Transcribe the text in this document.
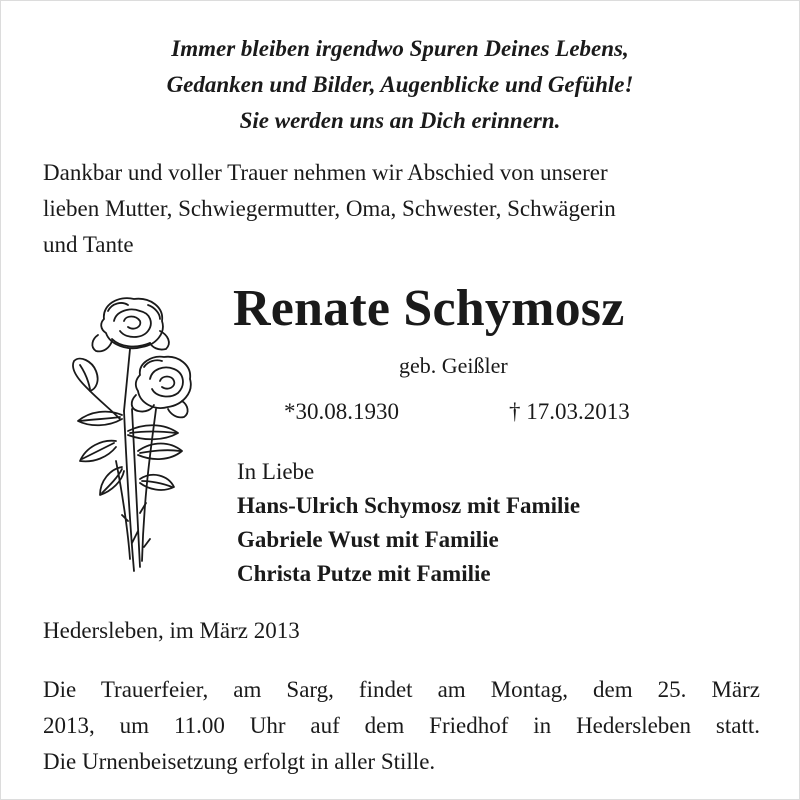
Immer bleiben irgendwo Spuren Deines Lebens,
Gedanken und Bilder, Augenblicke und Gefühle!
Sie werden uns an Dich erinnern.
Dankbar und voller Trauer nehmen wir Abschied von unserer
lieben Mutter, Schwiegermutter, Oma, Schwester, Schwägerin
und Tante
Renate Schymosz
geb. Geißler
*30.08.1930	† 17.03.2013
In Liebe
Hans-Ulrich Schymosz mit Familie
Gabriele Wust mit Familie
Christa Putze mit Familie
Hedersleben, im März 2013
Die Trauerfeier, am Sarg, findet am Montag, dem 25. März
2013, um 11.00 Uhr auf dem Friedhof in Hedersleben statt.
Die Urnenbeisetzung erfolgt in aller Stille.
